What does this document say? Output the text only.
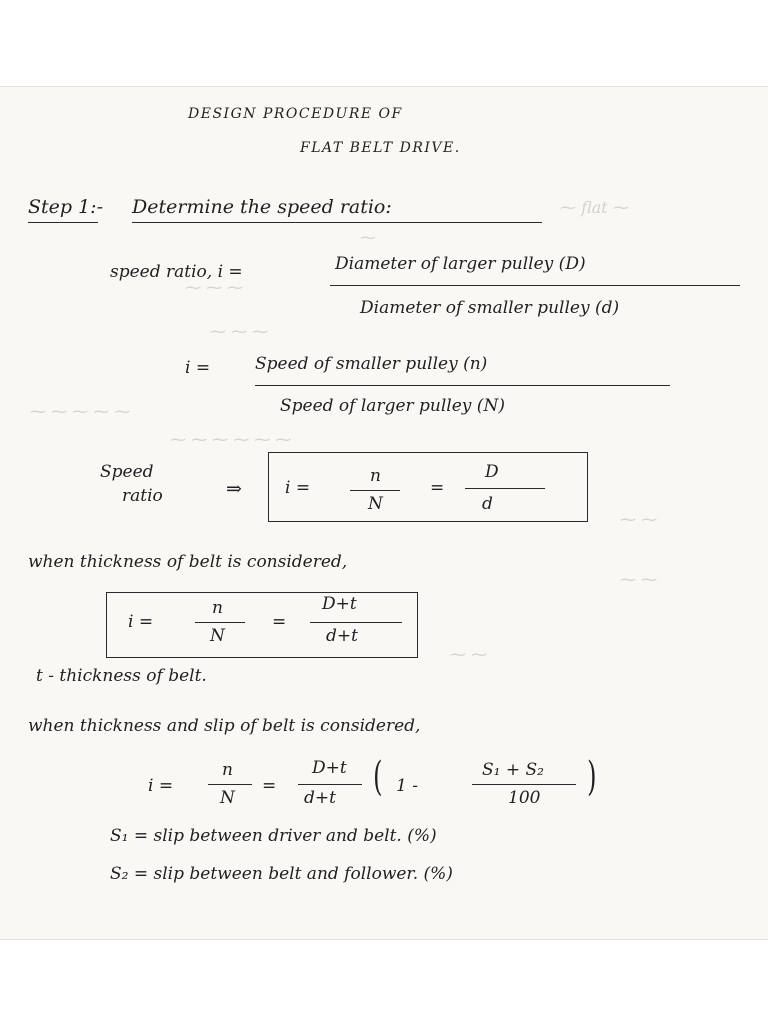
⁓ ﬂat ⁓
⁓
⁓ ⁓ ⁓
⁓ ⁓ ⁓
⁓ ⁓ ⁓ ⁓ ⁓
⁓ ⁓ ⁓ ⁓ ⁓ ⁓
⁓ ⁓
⁓ ⁓
⁓ ⁓
DESIGN PROCEDURE OF
FLAT BELT DRIVE.
Step 1:- Determine the speed ratio:
speed ratio, i =	Diameter of larger pulley (D)
Diameter of smaller pulley (d)
i =	Speed of smaller pulley (n)
Speed of larger pulley (N)
Speed
ratio	⇒	i =
n
N
=
D
d
when thickness of belt is considered,
i =
n
N
=
D+t
d+t
t - thickness of belt.
when thickness and slip of belt is considered,
i =
n
N
=
D+t
d+t ( 1 -
S₁ + S₂
100 )
S₁ = slip between driver and belt. (%)
S₂ = slip between belt and follower. (%)
